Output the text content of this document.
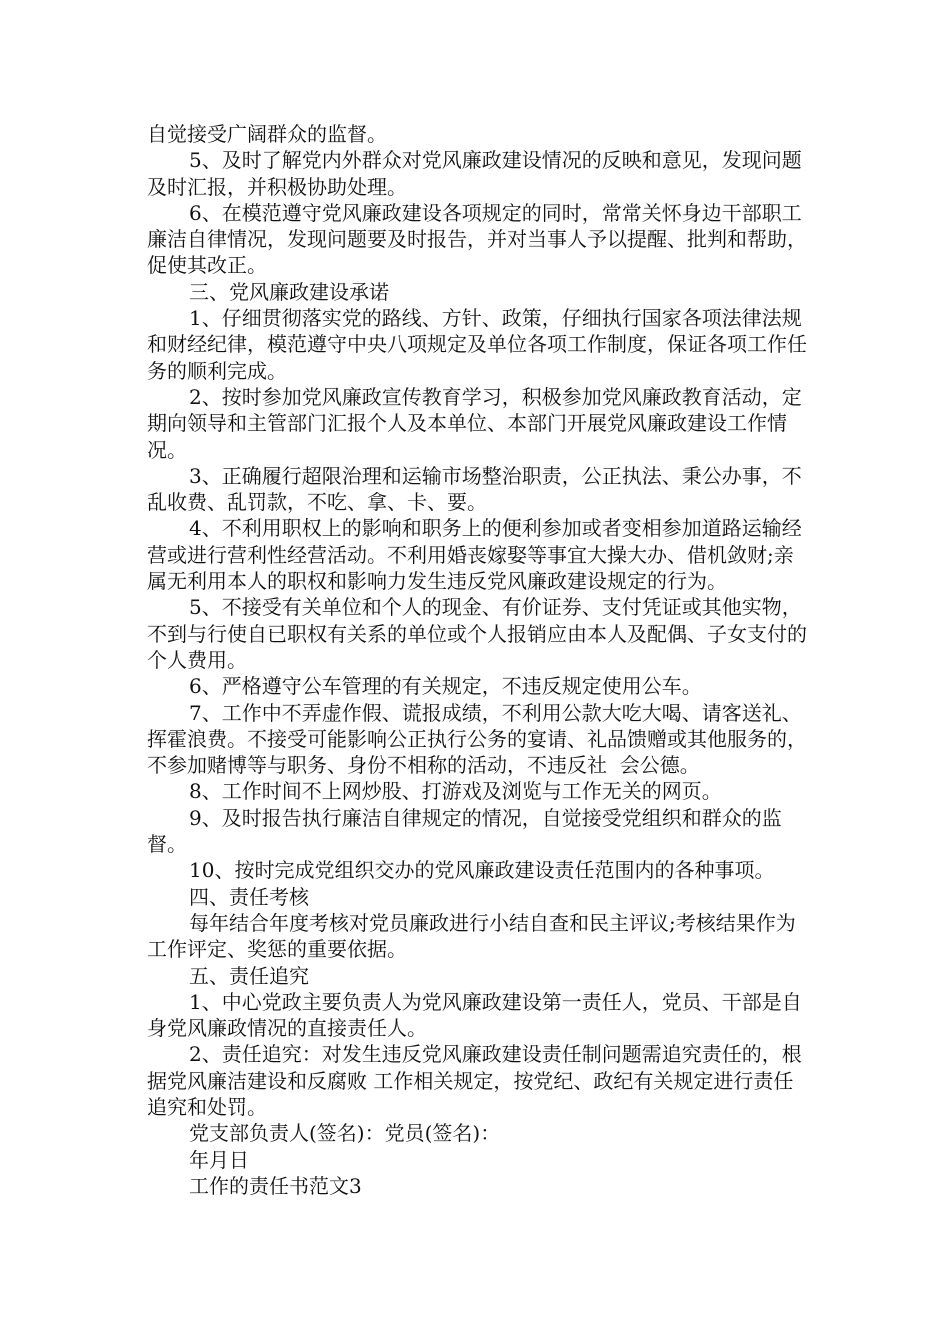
自觉接受广阔群众的监督。

5、及时了解党内外群众对党风廉政建设情况的反映和意见，发现问题及时汇报，并积极协助处理。

6、在模范遵守党风廉政建设各项规定的同时，常常关怀身边干部职工廉洁自律情况，发现问题要及时报告，并对当事人予以提醒、批判和帮助，促使其改正。

三、党风廉政建设承诺

1、仔细贯彻落实党的路线、方针、政策，仔细执行国家各项法律法规和财经纪律，模范遵守中央八项规定及单位各项工作制度，保证各项工作任务的顺利完成。

2、按时参加党风廉政宣传教育学习，积极参加党风廉政教育活动，定期向领导和主管部门汇报个人及本单位、本部门开展党风廉政建设工作情况。

3、正确履行超限治理和运输市场整治职责，公正执法、秉公办事，不乱收费、乱罚款，不吃、拿、卡、要。

4、不利用职权上的影响和职务上的便利参加或者变相参加道路运输经营或进行营利性经营活动。不利用婚丧嫁娶等事宜大操大办、借机敛财;亲属无利用本人的职权和影响力发生违反党风廉政建设规定的行为。

5、不接受有关单位和个人的现金、有价证券、支付凭证或其他实物，不到与行使自已职权有关系的单位或个人报销应由本人及配偶、子女支付的个人费用。

6、严格遵守公车管理的有关规定，不违反规定使用公车。

7、工作中不弄虚作假、谎报成绩，不利用公款大吃大喝、请客送礼、挥霍浪费。不接受可能影响公正执行公务的宴请、礼品馈赠或其他服务的，不参加赌博等与职务、身份不相称的活动，不违反社  会公德。

8、工作时间不上网炒股、打游戏及浏览与工作无关的网页。

9、及时报告执行廉洁自律规定的情况，自觉接受党组织和群众的监督。

10、按时完成党组织交办的党风廉政建设责任范围内的各种事项。

四、责任考核

每年结合年度考核对党员廉政进行小结自查和民主评议;考核结果作为工作评定、奖惩的重要依据。

五、责任追究

1、中心党政主要负责人为党风廉政建设第一责任人，党员、干部是自身党风廉政情况的直接责任人。

2、责任追究：对发生违反党风廉政建设责任制问题需追究责任的，根据党风廉洁建设和反腐败 工作相关规定，按党纪、政纪有关规定进行责任追究和处罚。

党支部负责人(签名)：党员(签名)：

年月日

工作的责任书范文3
